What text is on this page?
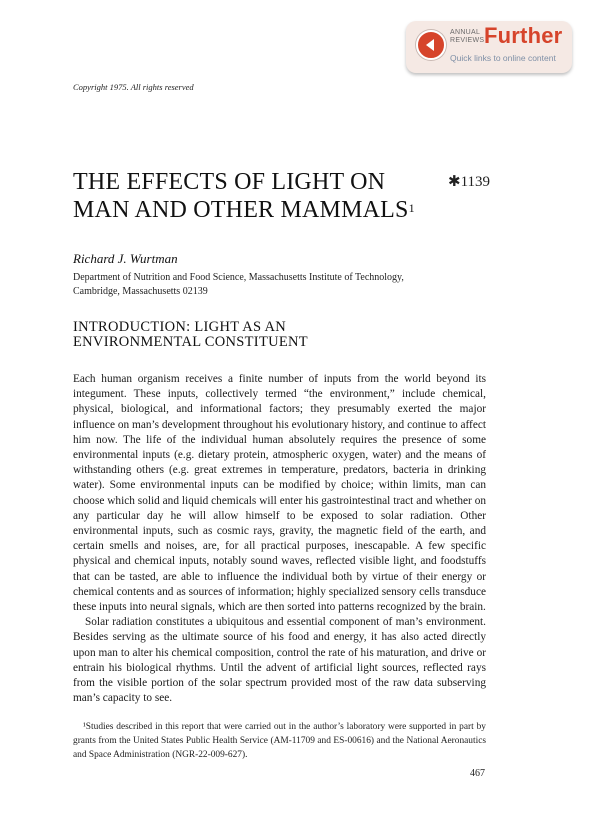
ANNUAL
REVIEWS Further
Quick links to online content
Copyright 1975. All rights reserved
THE EFFECTS OF LIGHT ON
MAN AND OTHER MAMMALS$^1$
✱1139
Richard J. Wurtman
Department of Nutrition and Food Science, Massachusetts Institute of Technology,
Cambridge, Massachusetts 02139
INTRODUCTION: LIGHT AS AN
ENVIRONMENTAL CONSTITUENT

Each human organism receives a finite number of inputs from the world beyond its integument. These inputs, collectively termed “the environment,” include chemical, physical, biological, and informational factors; they presumably exerted the major influence on man’s development throughout his evolutionary history, and continue to affect him now. The life of the individual human absolutely requires the presence of some environmental inputs (e.g. dietary protein, atmospheric oxygen, water) and the means of withstanding others (e.g. great extremes in temperature, predators, bacteria in drinking water). Some environmental inputs can be modified by choice; within limits, man can choose which solid and liquid chemicals will enter his gastrointestinal tract and whether on any particular day he will allow himself to be exposed to solar radiation. Other environmental inputs, such as cosmic rays, gravity, the magnetic field of the earth, and certain smells and noises, are, for all practical purposes, inescapable. A few specific physical and chemical inputs, notably sound waves, reflected visible light, and foodstuffs that can be tasted, are able to influence the individual both by virtue of their energy or chemical contents and as sources of information; highly specialized sensory cells transduce these inputs into neural signals, which are then sorted into patterns recognized by the brain.

Solar radiation constitutes a ubiquitous and essential component of man’s environment. Besides serving as the ultimate source of his food and energy, it has also acted directly upon man to alter his chemical composition, control the rate of his maturation, and drive or entrain his biological rhythms. Until the advent of artificial light sources, reflected rays from the visible portion of the solar spectrum provided most of the raw data subserving man’s capacity to see.

¹Studies described in this report that were carried out in the author’s laboratory were supported in part by grants from the United States Public Health Service (AM-11709 and ES-00616) and the National Aeronautics and Space Administration (NGR-22-009-627).

467
